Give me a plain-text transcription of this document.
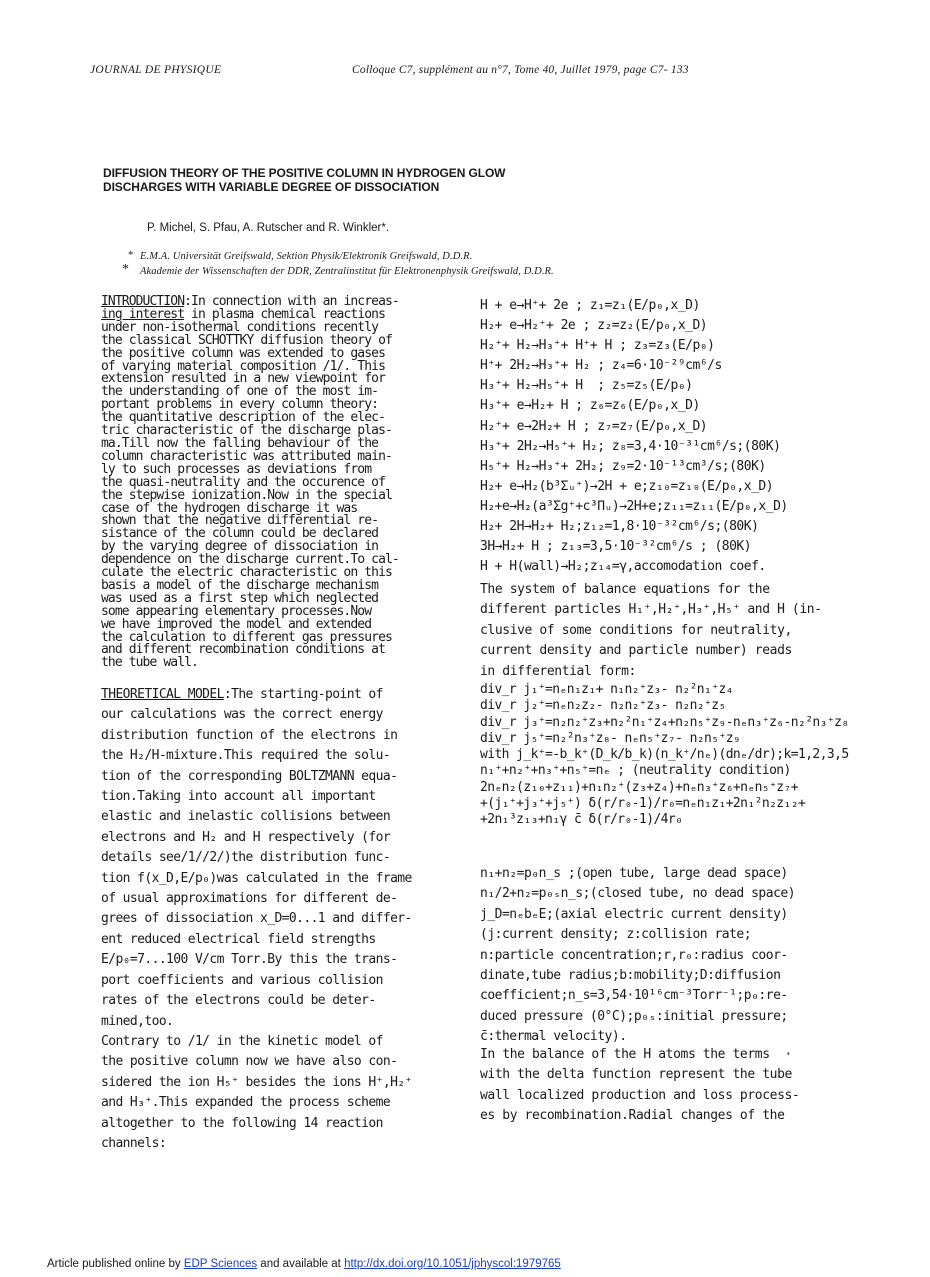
JOURNAL DE PHYSIQUE	Colloque C7, supplément au n°7, Tome 40, Juillet 1979, page C7- 133
DIFFUSION THEORY OF THE POSITIVE COLUMN IN HYDROGEN GLOW DISCHARGES WITH VARIABLE DEGREE OF DISSOCIATION
P. Michel, S. Pfau, A. Rutscher and R. Winkler*.
* E.M.A. Universität Greifswald, Sektion Physik/Elektronik Greifswald, D.D.R.
* Akademie der Wissenschaften der DDR, Zentralinstitut für Elektronenphysik Greifswald, D.D.R.
INTRODUCTION:In connection with an increas-
ing interest in plasma chemical reactions
under non-isothermal conditions recently
the classical SCHOTTKY diffusion theory of
the positive column was extended to gases
of varying material composition /1/. This
extension resulted in a new viewpoint for
the understanding of one of the most im-
portant problems in every column theory:
the quantitative description of the elec-
tric characteristic of the discharge plas-
ma.Till now the falling behaviour of the
column characteristic was attributed main-
ly to such processes as deviations from
the quasi-neutrality and the occurence of
the stepwise ionization.Now in the special
case of the hydrogen discharge it was
shown that the negative differential re-
sistance of the column could be declared
by the varying degree of dissociation in
dependence on the discharge current.To cal-
culate the electric characteristic on this
basis a model of the discharge mechanism
was used as a first step which neglected
some appearing elementary processes.Now
we have improved the model and extended
the calculation to different gas pressures
and different recombination conditions at
the tube wall.
THEORETICAL MODEL:The starting-point of
our calculations was the correct energy
distribution function of the electrons in
the H₂/H-mixture.This required the solu-
tion of the corresponding BOLTZMANN equa-
tion.Taking into account all important
elastic and inelastic collisions between
electrons and H₂ and H respectively (for
details see/1//2/)the distribution func-
tion f(x_D,E/p₀)was calculated in the frame
of usual approximations for different de-
grees of dissociation x_D=0...1 and differ-
ent reduced electrical field strengths
E/p₀=7...100 V/cm Torr.By this the trans-
port coefficients and various collision
rates of the electrons could be deter-
mined,too.
Contrary to /1/ in the kinetic model of
the positive column now we have also con-
sidered the ion H₅⁺ besides the ions H⁺,H₂⁺
and H₃⁺.This expanded the process scheme
altogether to the following 14 reaction
channels:
H + e→H⁺+ 2e ; z₁=z₁(E/p₀,x_D)
H₂+ e→H₂⁺+ 2e ; z₂=z₂(E/p₀,x_D)
H₂⁺+ H₂→H₃⁺+ H⁺+ H ; z₃=z₃(E/p₀)
H⁺+ 2H₂→H₃⁺+ H₂ ; z₄=6·10⁻²⁹cm⁶/s
H₃⁺+ H₂→H₅⁺+ H  ; z₅=z₅(E/p₀)
H₃⁺+ e→H₂+ H ; z₆=z₆(E/p₀,x_D)
H₂⁺+ e→2H₂+ H ; z₇=z₇(E/p₀,x_D)
H₃⁺+ 2H₂→H₅⁺+ H₂; z₈=3,4·10⁻³¹cm⁶/s;(80K)
H₅⁺+ H₂→H₃⁺+ 2H₂; z₉=2·10⁻¹³cm³/s;(80K)
H₂+ e→H₂(b³Σᵤ⁺)→2H + e;z₁₀=z₁₀(E/p₀,x_D)
H₂+e→H₂(a³Σg⁺+c³Πᵤ)→2H+e;z₁₁=z₁₁(E/p₀,x_D)
H₂+ 2H→H₂+ H₂;z₁₂=1,8·10⁻³²cm⁶/s;(80K)
3H→H₂+ H ; z₁₃=3,5·10⁻³²cm⁶/s ; (80K)
H + H(wall)→H₂;z₁₄=γ,accomodation coef.
The system of balance equations for the
different particles H₁⁺,H₂⁺,H₃⁺,H₅⁺ and H (in-
clusive of some conditions for neutrality,
current density and particle number) reads
in differential form:
div_r j₁⁺=nₑn₁z₁+ n₁n₂⁺z₃- n₂²n₁⁺z₄
div_r j₂⁺=nₑn₂z₂- n₂n₂⁺z₃- n₂n₂⁺z₅
div_r j₃⁺=n₂n₂⁺z₃+n₂²n₁⁺z₄+n₂n₅⁺z₉-nₑn₃⁺z₆-n₂²n₃⁺z₈
div_r j₅⁺=n₂²n₃⁺z₈- nₑn₅⁺z₇- n₂n₅⁺z₉
with j_k⁺=-b_k⁺(D_k/b_k)(n_k⁺/nₑ)(dnₑ/dr);k=1,2,3,5
n₁⁺+n₂⁺+n₃⁺+n₅⁺=nₑ ; (neutrality condition)
2nₑn₂(z₁₀+z₁₁)+n₁n₂⁺(z₃+z₄)+nₑn₃⁺z₆+nₑn₅⁺z₇+
+(j₁⁺+j₃⁺+j₅⁺) δ(r/r₀-1)/r₀=nₑn₁z₁+2n₁²n₂z₁₂+
+2n₁³z₁₃+n₁γ c̄ δ(r/r₀-1)/4r₀
n₁+n₂=p₀n_s ;(open tube, large dead space)
n₁/2+n₂=p₀ₛn_s;(closed tube, no dead space)
j_D=nₑbₑE;(axial electric current density)
(j:current density; z:collision rate;
n:particle concentration;r,r₀:radius coor-
dinate,tube radius;b:mobility;D:diffusion
coefficient;n_s=3,54·10¹⁶cm⁻³Torr⁻¹;p₀:re-
duced pressure (0°C);p₀ₛ:initial pressure;
c̄:thermal velocity).
In the balance of the H atoms the terms  ·
with the delta function represent the tube
wall localized production and loss process-
es by recombination.Radial changes of the
Article published online by EDP Sciences and available at http://dx.doi.org/10.1051/jphyscol:1979765
